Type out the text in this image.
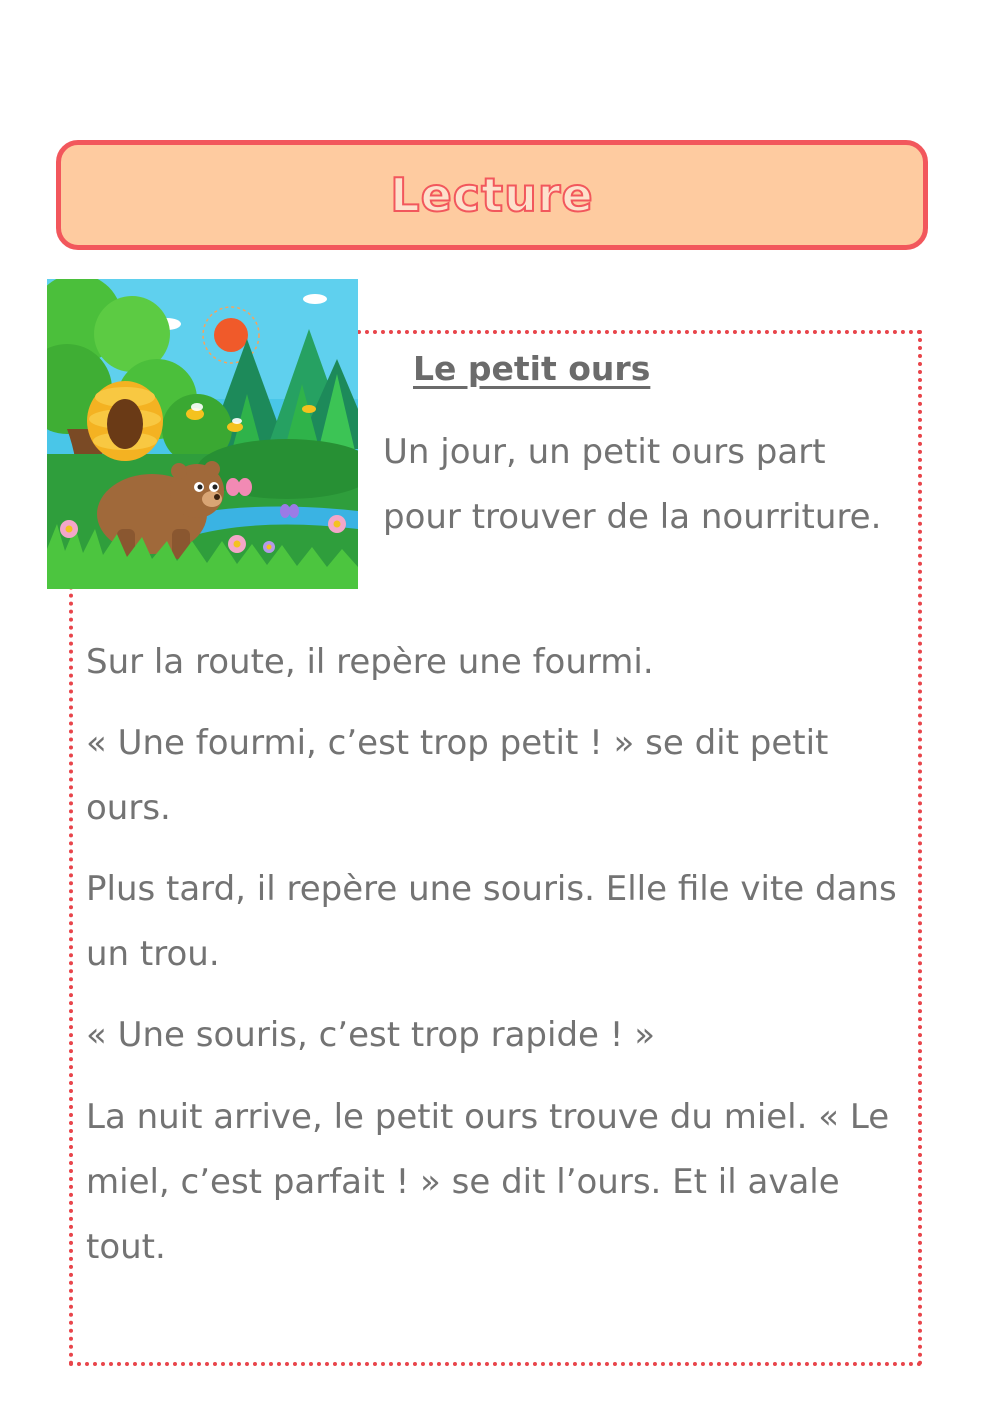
Lecture
Le petit ours

Un jour, un petit ours part pour trouver de la nourriture.

Sur la route, il repère une fourmi.

« Une fourmi, c’est trop petit ! » se dit petit ours.

Plus tard, il repère une souris. Elle file vite dans un trou.

« Une souris, c’est trop rapide ! »

La nuit arrive, le petit ours trouve du miel. « Le miel, c’est parfait ! » se dit l’ours. Et il avale tout.
